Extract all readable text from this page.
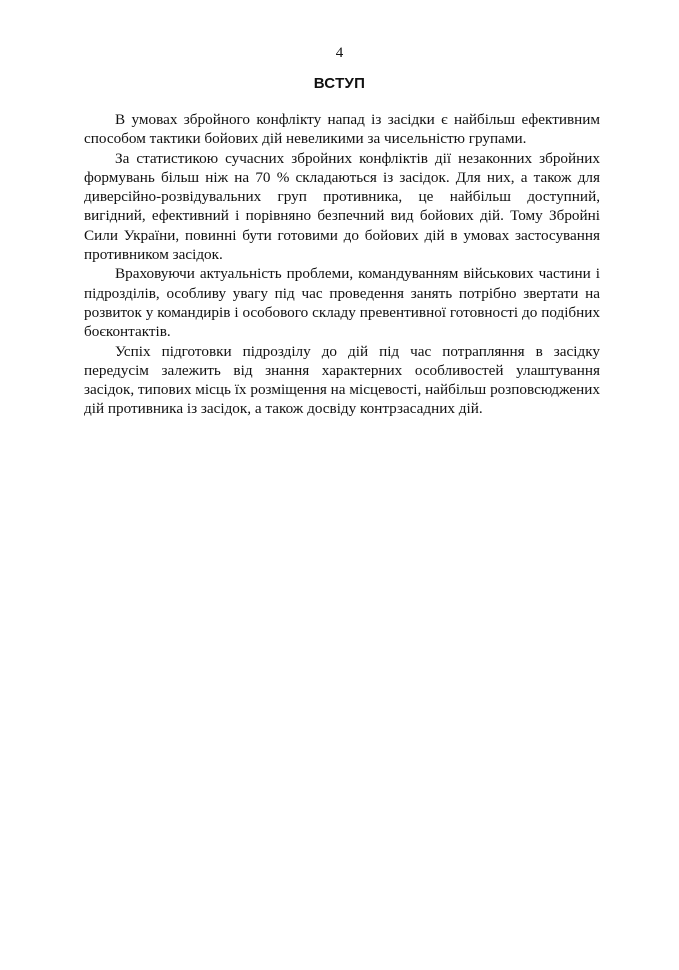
4
ВСТУП

В умовах збройного конфлікту напад із засідки є найбільш ефективним способом тактики бойових дій невеликими за чисельністю групами.

За статистикою сучасних збройних конфліктів дії незаконних збройних формувань більш ніж на 70 % складаються із засідок. Для них, а також для диверсійно-розвідувальних груп противника, це найбільш доступний, вигідний, ефективний і порівняно безпечний вид бойових дій. Тому Збройні Сили України, повинні бути готовими до бойових дій в умовах застосування противником засідок.

Враховуючи актуальність проблеми, командуванням військових частини і підрозділів, особливу увагу під час проведення занять потрібно звертати на розвиток у командирів і особового складу превентивної готовності до подібних боєконтактів.

Успіх підготовки підрозділу до дій під час потрапляння в засідку передусім залежить від знання характерних особливостей улаштування засідок, типових місць їх розміщення на місцевості, найбільш розповсюджених дій противника із засідок, а також досвіду контрзасадних дій.
